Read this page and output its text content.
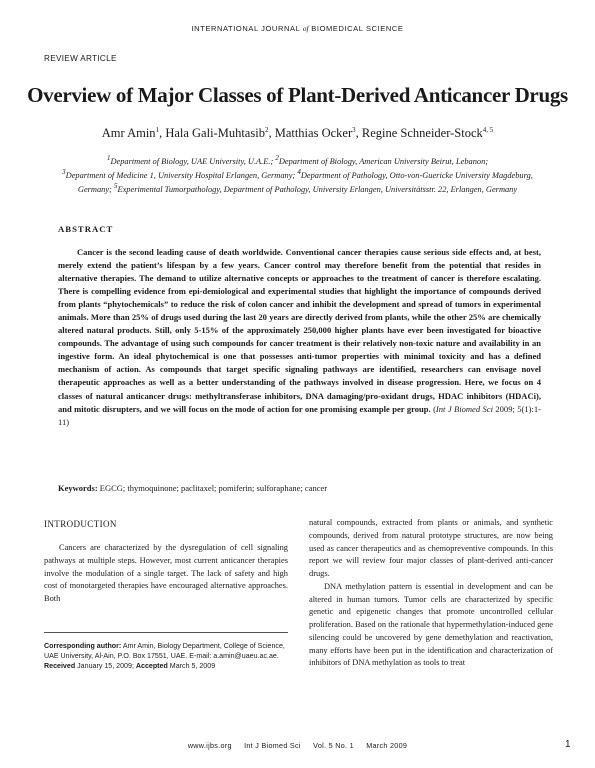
INTERNATIONAL JOURNAL of BIOMEDICAL SCIENCE
REVIEW ARTICLE
Overview of Major Classes of Plant-Derived Anticancer Drugs
Amr Amin$^1$, Hala Gali-Muhtasib$^2$, Matthias Ocker$^3$, Regine Schneider-Stock$^{4, 5}$
$^1$Department of Biology, UAE University, U.A.E.; $^2$Department of Biology, American University Beirut, Lebanon;
$^3$Department of Medicine 1, University Hospital Erlangen, Germany; $^4$Department of Pathology, Otto-von-Guericke University Magdeburg, Germany; $^5$Experimental Tumorpathology, Department of Pathology, University Erlangen, Universitätsstr. 22, Erlangen, Germany
ABSTRACT
Cancer is the second leading cause of death worldwide. Conventional cancer therapies cause serious side effects and, at best, merely extend the patient’s lifespan by a few years. Cancer control may therefore benefit from the potential that resides in alternative therapies. The demand to utilize alternative concepts or approaches to the treatment of cancer is therefore escalating. There is compelling evidence from epi-demiological and experimental studies that highlight the importance of compounds derived from plants “phytochemicals” to reduce the risk of colon cancer and inhibit the development and spread of tumors in experimental animals. More than 25% of drugs used during the last 20 years are directly derived from plants, while the other 25% are chemically altered natural products. Still, only 5-15% of the approximately 250,000 higher plants have ever been investigated for bioactive compounds. The advantage of using such compounds for cancer treatment is their relatively non-toxic nature and availability in an ingestive form. An ideal phytochemical is one that possesses anti-tumor properties with minimal toxicity and has a defined mechanism of action. As compounds that target specific signaling pathways are identified, researchers can envisage novel therapeutic approaches as well as a better understanding of the pathways involved in disease progression. Here, we focus on 4 classes of natural anticancer drugs: methyltransferase inhibitors, DNA damaging/pro-oxidant drugs, HDAC inhibitors (HDACi), and mitotic disrupters, and we will focus on the mode of action for one promising example per group. (Int J Biomed Sci 2009; 5(1):1-11)
Keywords: EGCG; thymoquinone; paclitaxel; pomiferin; sulforaphane; cancer
INTRODUCTION

Cancers are characterized by the dysregulation of cell signaling pathways at multiple steps. However, most current anticancer therapies involve the modulation of a single target. The lack of safety and high cost of monotargeted therapies have encouraged alternative approaches. Both

natural compounds, extracted from plants or animals, and synthetic compounds, derived from natural prototype structures, are now being used as cancer therapeutics and as chemopreventive compounds. In this report we will review four major classes of plant-derived anti-cancer drugs.

DNA methylation pattern is essential in development and can be altered in human tumors. Tumor cells are characterized by specific genetic and epigenetic changes that promote uncontrolled cellular proliferation. Based on the rationale that hypermethylation-induced gene silencing could be uncovered by gene demethylation and reactivation, many efforts have been put in the identification and characterization of inhibitors of DNA methylation as tools to treat

Corresponding author: Amr Amin, Biology Department, College of Science, UAE University, Al-Ain, P.O. Box 17551, UAE. E-mail: a.amin@uaeu.ac.ae.
Received January 15, 2009; Accepted March 5, 2009
www.ijbs.org Int J Biomed Sci Vol. 5 No. 1 March 2009	1
